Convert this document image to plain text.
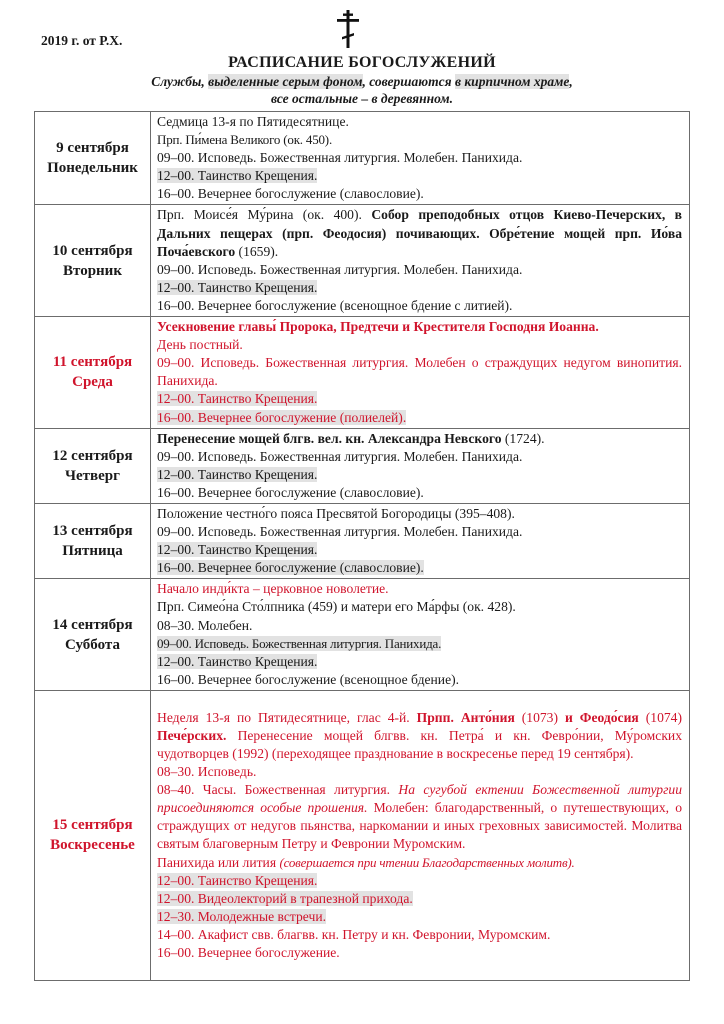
2019 г. от Р.Х.
РАСПИСАНИЕ БОГОСЛУЖЕНИЙ
Службы, выделенные серым фоном, совершаются в кирпичном храме,
все остальные – в деревянном.
9 сентября
Понедельник

Седмица 13-я по Пятидесятнице.
Прп. Пи́мена Великого (ок. 450).
09–00. Исповедь. Божественная литургия. Молебен. Панихида.
12–00. Таинство Крещения.
16–00. Вечернее богослужение (славословие).

10 сентября
Вторник

Прп. Моисе́я Му́рина (ок. 400). Собор преподобных отцов Киево-Печерских, в Дальних пещерах (прп. Феодосия) почивающих. Обре́тение мощей прп. Ио́ва Поча́евского (1659).
09–00. Исповедь. Божественная литургия. Молебен. Панихида.
12–00. Таинство Крещения.
16–00. Вечернее богослужение (всенощное бдение с литией).

11 сентября
Среда

Усекновение главы́ Пророка, Предтечи и Крестителя Господня Иоанна.
День постный.
09–00. Исповедь. Божественная литургия. Молебен о страждущих недугом винопития. Панихида.
12–00. Таинство Крещения.
16–00. Вечернее богослужение (полиелей).

12 сентября
Четверг

Перенесение мощей блгв. вел. кн. Александра Невского (1724).
09–00. Исповедь. Божественная литургия. Молебен. Панихида.
12–00. Таинство Крещения.
16–00. Вечернее богослужение (славословие).

13 сентября
Пятница

Положение честно́го пояса Пресвятой Богородицы (395–408).
09–00. Исповедь. Божественная литургия. Молебен. Панихида.
12–00. Таинство Крещения.
16–00. Вечернее богослужение (славословие).

14 сентября
Суббота

Начало инди́кта – церковное новолетие.
Прп. Симео́на Сто́лпника (459) и матери его Ма́рфы (ок. 428).
08–30. Молебен.
09–00. Исповедь. Божественная литургия. Панихида.
12–00. Таинство Крещения.
16–00. Вечернее богослужение (всенощное бдение).

15 сентября
Воскресенье

Неделя 13-я по Пятидесятнице, глас 4-й. Прпп. Анто́ния (1073) и Феодо́сия (1074) Пече́рских. Перенесение мощей блгвв. кн. Петра́ и кн. Февро́нии, Му́ромских чудотворцев (1992) (переходящее празднование в воскресенье перед 19 сентября).
08–30. Исповедь.
08–40. Часы. Божественная литургия. На сугубой ектении Божественной литургии присоединяются особые прошения. Молебен: благодарственный, о путешествующих, о страждущих от недугов пьянства, наркомании и иных греховных зависимостей. Молитва святым благоверным Петру и Февронии Муромским.
Панихида или лития (совершается при чтении Благодарственных молитв).
12–00. Таинство Крещения.
12–00. Видеолекторий в трапезной прихода.
12–30. Молодежные встречи.
14–00. Акафист свв. благвв. кн. Петру и кн. Февронии, Муромским.
16–00. Вечернее богослужение.
